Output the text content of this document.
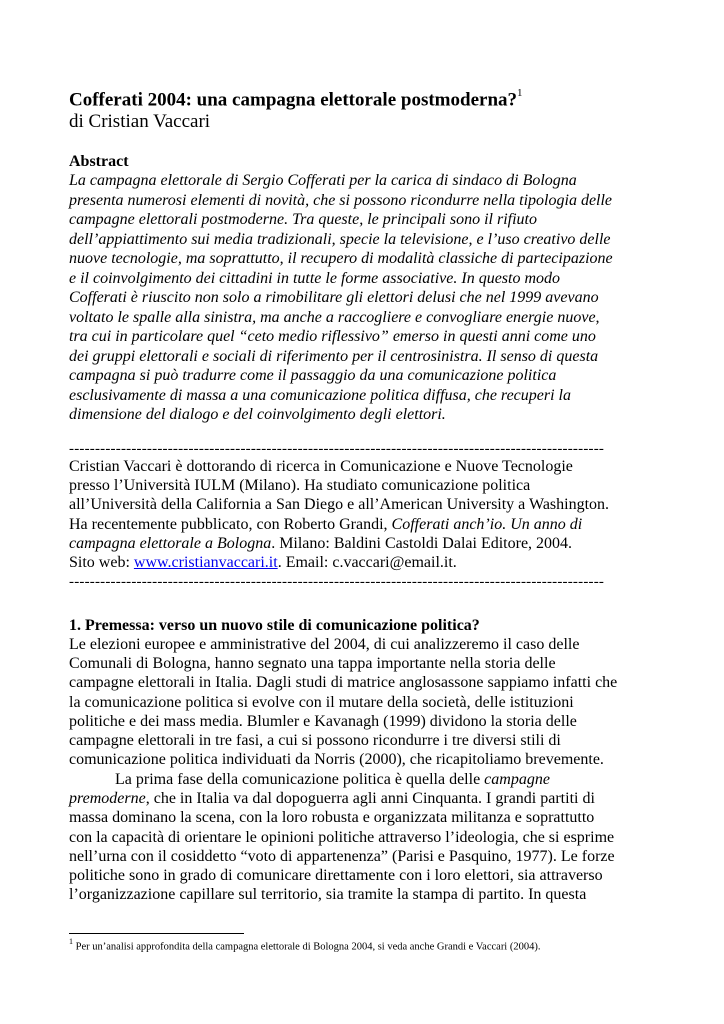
Cofferati 2004: una campagna elettorale postmoderna?$^1$

di Cristian Vaccari

Abstract

La campagna elettorale di Sergio Cofferati per la carica di sindaco di Bologna

presenta numerosi elementi di novità, che si possono ricondurre nella tipologia delle

campagne elettorali postmoderne. Tra queste, le principali sono il rifiuto

dell’appiattimento sui media tradizionali, specie la televisione, e l’uso creativo delle

nuove tecnologie, ma soprattutto, il recupero di modalità classiche di partecipazione

e il coinvolgimento dei cittadini in tutte le forme associative. In questo modo

Cofferati è riuscito non solo a rimobilitare gli elettori delusi che nel 1999 avevano

voltato le spalle alla sinistra, ma anche a raccogliere e convogliare energie nuove,

tra cui in particolare quel “ceto medio riflessivo” emerso in questi anni come uno

dei gruppi elettorali e sociali di riferimento per il centrosinistra. Il senso di questa

campagna si può tradurre come il passaggio da una comunicazione politica

esclusivamente di massa a una comunicazione politica diffusa, che recuperi la

dimensione del dialogo e del coinvolgimento degli elettori.

-------------------------------------------------------------------------------------------------------

Cristian Vaccari è dottorando di ricerca in Comunicazione e Nuove Tecnologie

presso l’Università IULM (Milano). Ha studiato comunicazione politica

all’Università della California a San Diego e all’American University a Washington.

Ha recentemente pubblicato, con Roberto Grandi, Cofferati anch’io. Un anno di

campagna elettorale a Bologna. Milano: Baldini Castoldi Dalai Editore, 2004.

Sito web: www.cristianvaccari.it. Email: c.vaccari@email.it.

-------------------------------------------------------------------------------------------------------

1. Premessa: verso un nuovo stile di comunicazione politica?

Le elezioni europee e amministrative del 2004, di cui analizzeremo il caso delle

Comunali di Bologna, hanno segnato una tappa importante nella storia delle

campagne elettorali in Italia. Dagli studi di matrice anglosassone sappiamo infatti che

la comunicazione politica si evolve con il mutare della società, delle istituzioni

politiche e dei mass media. Blumler e Kavanagh (1999) dividono la storia delle

campagne elettorali in tre fasi, a cui si possono ricondurre i tre diversi stili di

comunicazione politica individuati da Norris (2000), che ricapitoliamo brevemente.

La prima fase della comunicazione politica è quella delle campagne

premoderne, che in Italia va dal dopoguerra agli anni Cinquanta. I grandi partiti di

massa dominano la scena, con la loro robusta e organizzata militanza e soprattutto

con la capacità di orientare le opinioni politiche attraverso l’ideologia, che si esprime

nell’urna con il cosiddetto “voto di appartenenza” (Parisi e Pasquino, 1977). Le forze

politiche sono in grado di comunicare direttamente con i loro elettori, sia attraverso

l’organizzazione capillare sul territorio, sia tramite la stampa di partito. In questa

$^1$ Per un’analisi approfondita della campagna elettorale di Bologna 2004, si veda anche Grandi e Vaccari (2004).
